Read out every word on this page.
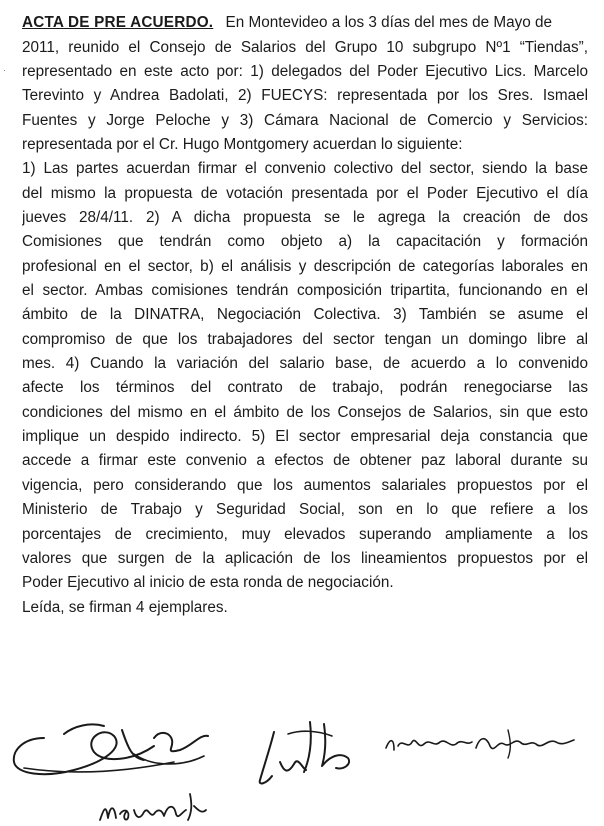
·
ACTA DE PRE ACUERDO. En Montevideo a los 3 días del mes de Mayo de
2011, reunido el Consejo de Salarios del Grupo 10 subgrupo Nº1 “Tiendas”,
representado en este acto por: 1) delegados del Poder Ejecutivo Lics. Marcelo
Terevinto y Andrea Badolati, 2) FUECYS: representada por los Sres. Ismael
Fuentes y Jorge Peloche y 3) Cámara Nacional de Comercio y Servicios:
representada por el Cr. Hugo Montgomery acuerdan lo siguiente:
1) Las partes acuerdan firmar el convenio colectivo del sector, siendo la base
del mismo la propuesta de votación presentada por el Poder Ejecutivo el día
jueves 28/4/11. 2) A dicha propuesta se le agrega la creación de dos
Comisiones que tendrán como objeto a) la capacitación y formación
profesional en el sector, b) el análisis y descripción de categorías laborales en
el sector. Ambas comisiones tendrán composición tripartita, funcionando en el
ámbito de la DINATRA, Negociación Colectiva. 3) También se asume el
compromiso de que los trabajadores del sector tengan un domingo libre al
mes. 4) Cuando la variación del salario base, de acuerdo a lo convenido
afecte los términos del contrato de trabajo, podrán renegociarse las
condiciones del mismo en el ámbito de los Consejos de Salarios, sin que esto
implique un despido indirecto. 5) El sector empresarial deja constancia que
accede a firmar este convenio a efectos de obtener paz laboral durante su
vigencia, pero considerando que los aumentos salariales propuestos por el
Ministerio de Trabajo y Seguridad Social, son en lo que refiere a los
porcentajes de crecimiento, muy elevados superando ampliamente a los
valores que surgen de la aplicación de los lineamientos propuestos por el
Poder Ejecutivo al inicio de esta ronda de negociación.
Leída, se firman 4 ejemplares.
